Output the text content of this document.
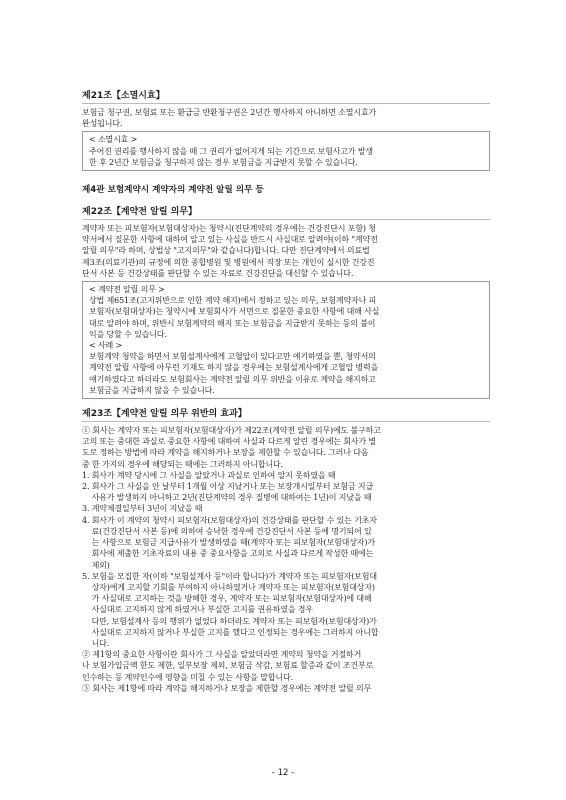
제21조【소멸시효】
보험금 청구권, 보험료 또는 환급금 반환청구권은 2년간 행사하지 아니하면 소멸시효가
완성됩니다.
< 소멸시효 >
주어진 권리를 행사하지 않을 때 그 권리가 없어지게 되는 기간으로 보험사고가 발생
한 후 2년간 보험금을 청구하지 않는 경우 보험금을 지급받지 못할 수 있습니다.
제4관 보험계약시 계약자의 계약전 알릴 의무 등
제22조【계약전 알릴 의무】
계약자 또는 피보험자(보험대상자)는 청약시(진단계약의 경우에는 건강진단시 포함) 청
약서에서 질문한 사항에 대하여 알고 있는 사실을 반드시 사실대로 알려야(이하 "계약전
알릴 의무"라 하며, 상법상 "고지의무"와 같습니다)합니다. 다만 진단계약에서 의료법
제3조(의료기관)의 규정에 의한 종합병원 및 병원에서 직장 또는 개인이 실시한 건강진
단서 사본 등 건강상태를 판단할 수 있는 자료로 건강진단을 대신할 수 있습니다.
< 계약전 알릴 의무 >
상법 제651조(고지위반으로 인한 계약 해지)에서 정하고 있는 의무, 보험계약자나 피
보험자(보험대상자)는 청약시에 보험회사가 서면으로 질문한 중요한 사항에 대해 사실
대로 알려야 하며, 위반시 보험계약의 해지 또는 보험금을 지급받지 못하는 등의 불이
익을 당할 수 있습니다.
< 사례 >
보험계약 청약을 하면서 보험설계사에게 고혈압이 있다고만 얘기하였을 뿐, 청약서의
계약전 알릴 사항에 아무런 기재도 하지 않을 경우에는 보험설계사에게 고혈압 병력을
얘기하였다고 하더라도 보험회사는 계약전 알릴 의무 위반을 이유로 계약을 해지하고
보험금을 지급하지 않을 수 있습니다.
제23조【계약전 알릴 의무 위반의 효과】
① 회사는 계약자 또는 피보험자(보험대상자)가 제22조(계약전 알릴 의무)에도 불구하고
고의 또는 중대한 과실로 중요한 사항에 대하여 사실과 다르게 알린 경우에는 회사가 별
도로 정하는 방법에 따라 계약을 해지하거나 보장을 제한할 수 있습니다. 그러나 다음
중 한 가지의 경우에 해당되는 때에는 그러하지 아니합니다.
1. 회사가 계약 당시에 그 사실을 알았거나 과실로 인하여 알지 못하였을 때
2. 회사가 그 사실을 안 날부터 1개월 이상 지났거나 또는 보장개시일부터 보험금 지급
사유가 발생하지 아니하고 2년(진단계약의 경우 질병에 대하여는 1년)이 지났을 때
3. 계약체결일부터 3년이 지났을 때
4. 회사가 이 계약의 청약시 피보험자(보험대상자)의 건강상태를 판단할 수 있는 기초자
료(건강진단서 사본 등)에 의하여 승낙한 경우에 건강진단서 사본 등에 명기되어 있
는 사항으로 보험금 지급사유가 발생하였을 때(계약자 또는 피보험자(보험대상자)가
회사에 제출한 기초자료의 내용 중 중요사항을 고의로 사실과 다르게 작성한 때에는
제외)
5. 보험을 모집한 자(이하 "보험설계사 등"이라 합니다)가 계약자 또는 피보험자(보험대
상자)에게 고지할 기회를 부여하지 아니하였거나 계약자 또는 피보험자(보험대상자)
가 사실대로 고지하는 것을 방해한 경우, 계약자 또는 피보험자(보험대상자)에 대해
사실대로 고지하지 않게 하였거나 부실한 고지를 권유하였을 경우
다만, 보험설계사 등의 행위가 없었다 하더라도 계약자 또는 피보험자(보험대상자)가
사실대로 고지하지 않거나 부실한 고지를 했다고 인정되는 경우에는 그러하지 아니합
니다.
② 제1항의 중요한 사항이란 회사가 그 사실을 알았더라면 계약의 청약을 거절하거
나 보험가입금액 한도 제한, 일부보장 제외, 보험금 삭감, 보험료 할증과 같이 조건부로
인수하는 등 계약인수에 영향을 미칠 수 있는 사항을 말합니다.
③ 회사는 제1항에 따라 계약을 해지하거나 보장을 제한할 경우에는 계약전 알릴 의무
- 12 -
